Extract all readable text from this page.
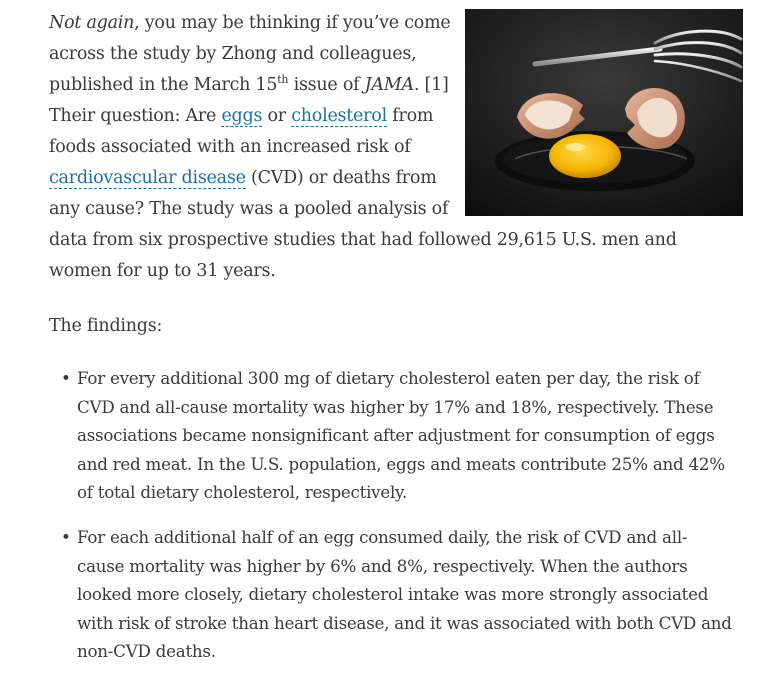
Not again, you may be thinking if you’ve come across the study by Zhong and colleagues, published in the March 15th issue of JAMA. [1] Their question: Are eggs or cholesterol from foods associated with an increased risk of cardiovascular disease (CVD) or deaths from any cause? The study was a pooled analysis of data from six prospective studies that had followed 29,615 U.S. men and women for up to 31 years.

The findings:

• For every additional 300 mg of dietary cholesterol eaten per day, the risk of CVD and all-cause mortality was higher by 17% and 18%, respectively. These associations became nonsignificant after adjustment for consumption of eggs and red meat. In the U.S. population, eggs and meats contribute 25% and 42% of total dietary cholesterol, respectively.
• For each additional half of an egg consumed daily, the risk of CVD and all-cause mortality was higher by 6% and 8%, respectively. When the authors looked more closely, dietary cholesterol intake was more strongly associated with risk of stroke than heart disease, and it was associated with both CVD and non-CVD deaths.
